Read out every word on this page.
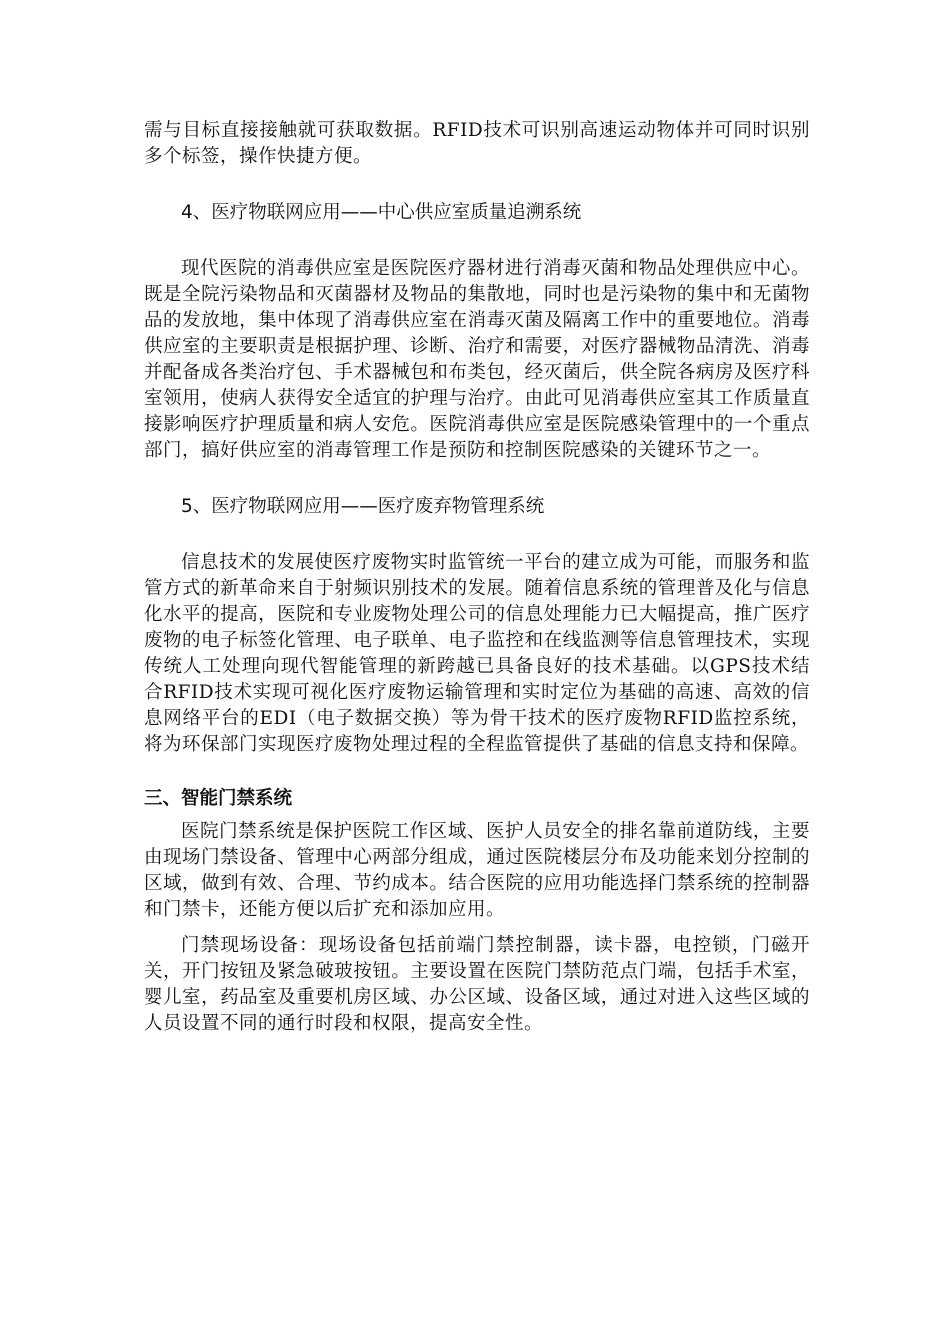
需与目标直接接触就可获取数据。RFID技术可识别高速运动物体并可同时识别多个标签，操作快捷方便。

4、医疗物联网应用——中心供应室质量追溯系统

现代医院的消毒供应室是医院医疗器材进行消毒灭菌和物品处理供应中心。既是全院污染物品和灭菌器材及物品的集散地，同时也是污染物的集中和无菌物品的发放地，集中体现了消毒供应室在消毒灭菌及隔离工作中的重要地位。消毒供应室的主要职责是根据护理、诊断、治疗和需要，对医疗器械物品清洗、消毒并配备成各类治疗包、手术器械包和布类包，经灭菌后，供全院各病房及医疗科室领用，使病人获得安全适宜的护理与治疗。由此可见消毒供应室其工作质量直接影响医疗护理质量和病人安危。医院消毒供应室是医院感染管理中的一个重点部门，搞好供应室的消毒管理工作是预防和控制医院感染的关键环节之一。

5、医疗物联网应用——医疗废弃物管理系统

信息技术的发展使医疗废物实时监管统一平台的建立成为可能，而服务和监管方式的新革命来自于射频识别技术的发展。随着信息系统的管理普及化与信息化水平的提高，医院和专业废物处理公司的信息处理能力已大幅提高，推广医疗废物的电子标签化管理、电子联单、电子监控和在线监测等信息管理技术，实现传统人工处理向现代智能管理的新跨越已具备良好的技术基础。以GPS技术结合RFID技术实现可视化医疗废物运输管理和实时定位为基础的高速、高效的信息网络平台的EDI（电子数据交换）等为骨干技术的医疗废物RFID监控系统，将为环保部门实现医疗废物处理过程的全程监管提供了基础的信息支持和保障。

三、智能门禁系统

医院门禁系统是保护医院工作区域、医护人员安全的排名靠前道防线，主要由现场门禁设备、管理中心两部分组成，通过医院楼层分布及功能来划分控制的区域，做到有效、合理、节约成本。结合医院的应用功能选择门禁系统的控制器和门禁卡，还能方便以后扩充和添加应用。

门禁现场设备：现场设备包括前端门禁控制器，读卡器，电控锁，门磁开关，开门按钮及紧急破玻按钮。主要设置在医院门禁防范点门端，包括手术室，婴儿室，药品室及重要机房区域、办公区域、设备区域，通过对进入这些区域的人员设置不同的通行时段和权限，提高安全性。
